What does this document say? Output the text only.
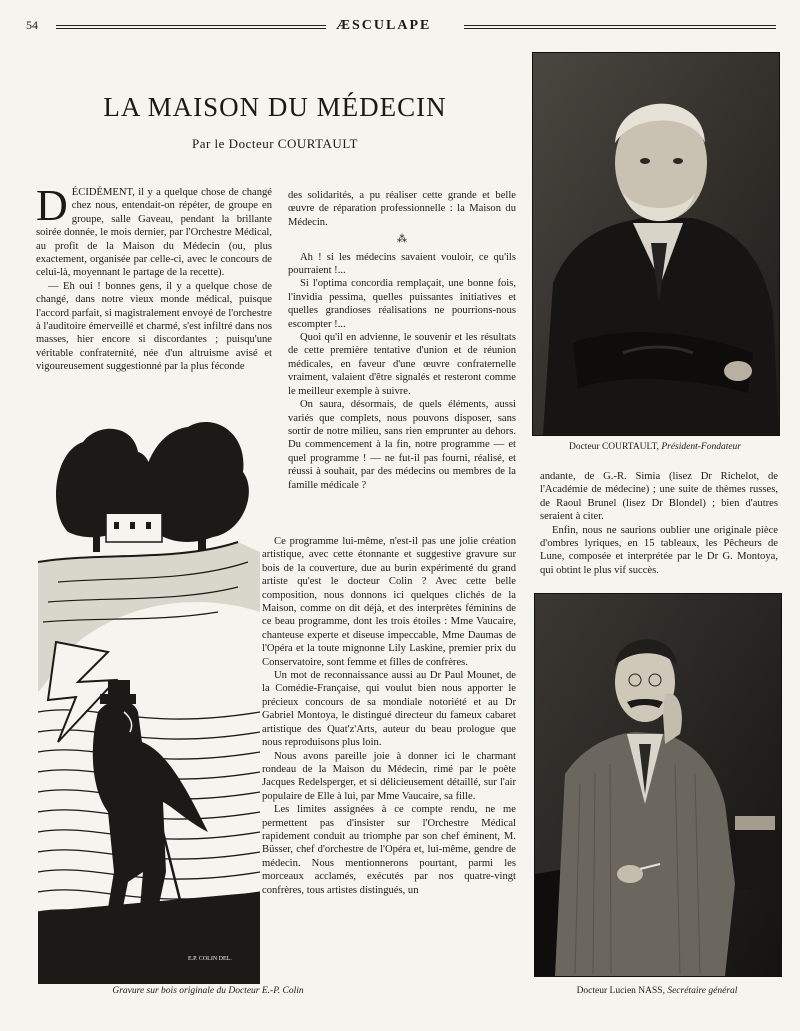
54	ÆSCULAPE
LA MAISON DU MÉDECIN
Par le Docteur COURTAULT

DÉCIDÉMENT, il y a quelque chose de changé chez nous, entendait-on répéter, de groupe en groupe, salle Gaveau, pendant la brillante soirée donnée, le mois dernier, par l'Orchestre Médical, au profit de la Maison du Médecin (ou, plus exactement, organisée par celle-ci, avec le concours de celui-là, moyennant le partage de la recette).

— Eh oui ! bonnes gens, il y a quelque chose de changé, dans notre vieux monde médical, puisque l'accord parfait, si magistralement envoyé de l'orchestre à l'auditoire émerveillé et charmé, s'est infiltré dans nos masses, hier encore si discordantes ; puisqu'une véritable confraternité, née d'un altruisme avisé et vigoureusement suggestionné par la plus féconde

des solidarités, a pu réaliser cette grande et belle œuvre de réparation professionnelle : la Maison du Médecin.

⁂

Ah ! si les médecins savaient vouloir, ce qu'ils pourraient !...

Si l'optima concordia remplaçait, une bonne fois, l'invidia pessima, quelles puissantes initiatives et quelles grandioses réalisations ne pourrions-nous escompter !...

Quoi qu'il en advienne, le souvenir et les résultats de cette première tentative d'union et de réunion médicales, en faveur d'une œuvre confraternelle vraiment, valaient d'être signalés et resteront comme le meilleur exemple à suivre.

On saura, désormais, de quels éléments, aussi variés que complets, nous pouvons disposer, sans sortir de notre milieu, sans rien emprunter au dehors. Du commencement à la fin, notre programme — et quel programme ! — ne fut-il pas fourni, réalisé, et réussi à souhait, par des médecins ou membres de la famille médicale ?

Ce programme lui-même, n'est-il pas une jolie création artistique, avec cette étonnante et suggestive gravure sur bois de la couverture, due au burin expérimenté du grand artiste qu'est le docteur Colin ? Avec cette belle composition, nous donnons ici quelques clichés de la Maison, comme on dit déjà, et des interprètes féminins de ce beau programme, dont les trois étoiles : Mme Vaucaire, chanteuse experte et diseuse impeccable, Mme Daumas de l'Opéra et la toute mignonne Lily Laskine, premier prix du Conservatoire, sont femme et filles de confrères.

Un mot de reconnaissance aussi au Dr Paul Mounet, de la Comédie-Française, qui voulut bien nous apporter le précieux concours de sa mondiale notoriété et au Dr Gabriel Montoya, le distingué directeur du fameux cabaret artistique des Quat'z'Arts, auteur du beau prologue que nous reproduisons plus loin.

Nous avons pareille joie à donner ici le charmant rondeau de la Maison du Médecin, rimé par le poète Jacques Redelsperger, et si délicieusement détaillé, sur l'air populaire de Elle à lui, par Mme Vaucaire, sa fille.

Les limites assignées à ce compte rendu, ne me permettent pas d'insister sur l'Orchestre Médical rapidement conduit au triomphe par son chef éminent, M. Büsser, chef d'orchestre de l'Opéra et, lui-même, gendre de médecin. Nous mentionnerons pourtant, parmi les morceaux acclamés, exécutés par nos quatre-vingt confrères, tous artistes distingués, un

E.P. COLIN DEL.
Gravure sur bois originale du Docteur E.-P. Colin
Docteur COURTAULT, Président-Fondateur

andante, de G.-R. Simia (lisez Dr Richelot, de l'Académie de médecine) ; une suite de thèmes russes, de Raoul Brunel (lisez Dr Blondel) ; bien d'autres seraient à citer.

Enfin, nous ne saurions oublier une originale pièce d'ombres lyriques, en 15 tableaux, les Pêcheurs de Lune, composée et interprétée par le Dr G. Montoya, qui obtint le plus vif succès.

Docteur Lucien NASS, Secrétaire général
